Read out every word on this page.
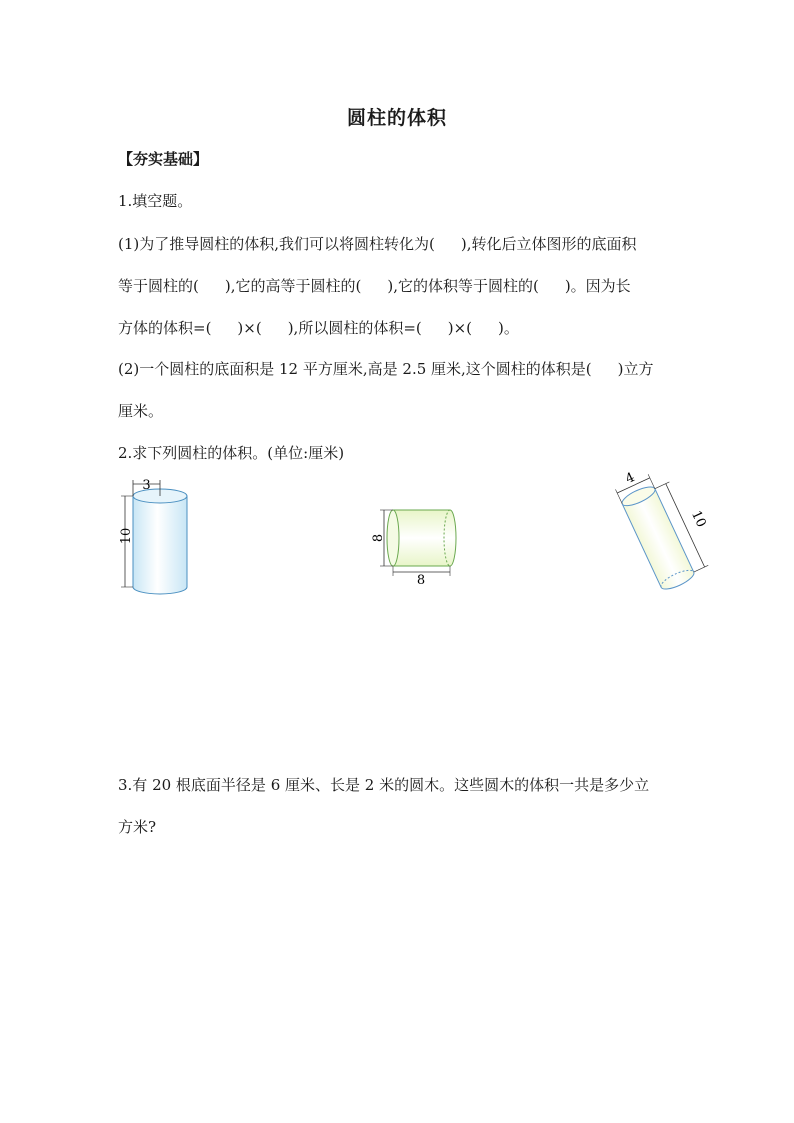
圆柱的体积
【夯实基础】
1.填空题。
(1)为了推导圆柱的体积,我们可以将圆柱转化为( ),转化后立体图形的底面积
等于圆柱的( ),它的高等于圆柱的( ),它的体积等于圆柱的( )。因为长
方体的体积=( )×( ),所以圆柱的体积=( )×( )。
(2)一个圆柱的底面积是 12 平方厘米,高是 2.5 厘米,这个圆柱的体积是( )立方
厘米。
2.求下列圆柱的体积。(单位:厘米)
3
10	8
8
4
10
3.有 20 根底面半径是 6 厘米、长是 2 米的圆木。这些圆木的体积一共是多少立
方米?
